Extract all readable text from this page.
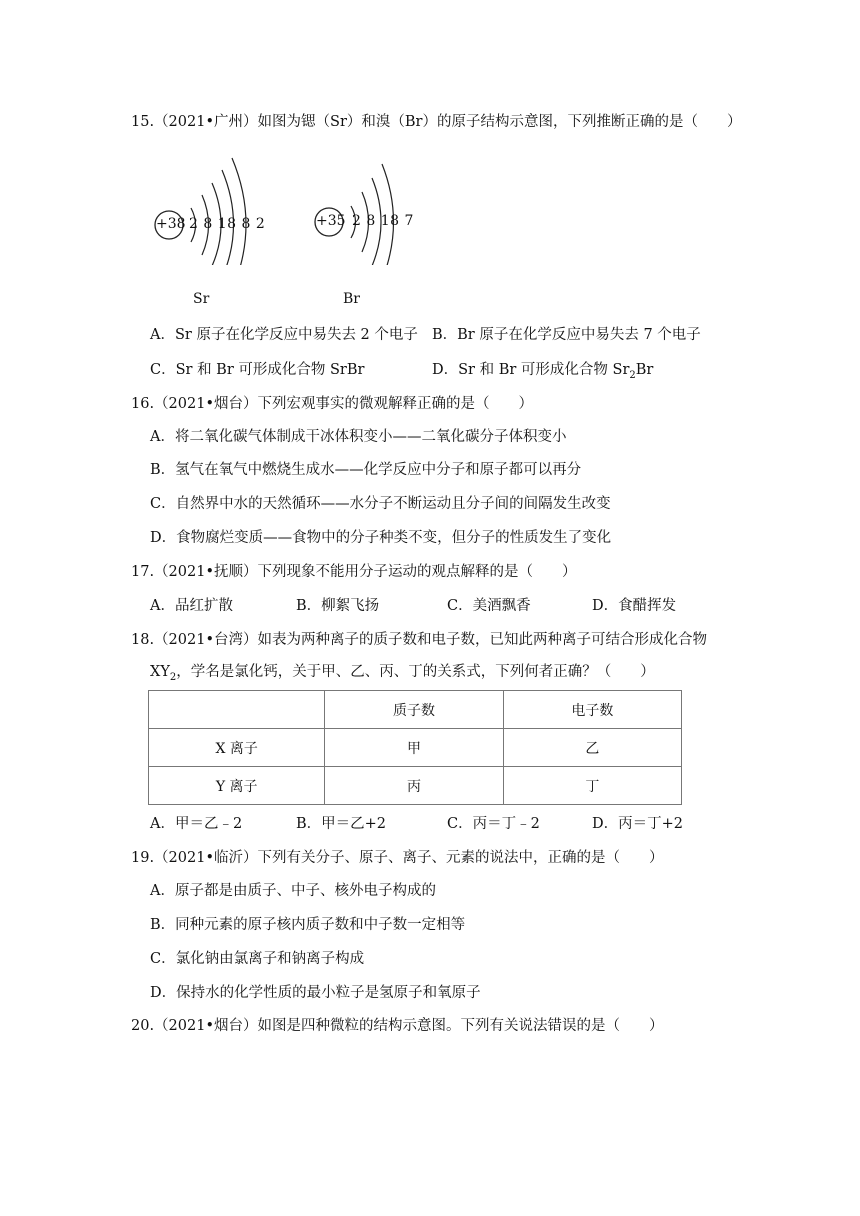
15.（2021•广州）如图为锶（Sr）和溴（Br）的原子结构示意图，下列推断正确的是（　　）
+38 2 8 18 8 2
Sr
+35 2 8 18 7
Br
A．Sr 原子在化学反应中易失去 2 个电子 B．Br 原子在化学反应中易失去 7 个电子
C．Sr 和 Br 可形成化合物 SrBr	D．Sr 和 Br 可形成化合物 $Sr_2Br$
16.（2021•烟台）下列宏观事实的微观解释正确的是（　　）
A．将二氧化碳气体制成干冰体积变小——二氧化碳分子体积变小
B．氢气在氧气中燃烧生成水——化学反应中分子和原子都可以再分
C．自然界中水的天然循环——水分子不断运动且分子间的间隔发生改变
D．食物腐烂变质——食物中的分子种类不变，但分子的性质发生了变化
17.（2021•抚顺）下列现象不能用分子运动的观点解释的是（　　）
A．品红扩散	B．柳絮飞扬	C．美酒飘香	D．食醋挥发
18.（2021•台湾）如表为两种离子的质子数和电子数，已知此两种离子可结合形成化合物
$XY_2$，学名是氯化钙，关于甲、乙、丙、丁的关系式，下列何者正确？（　　）
	质子数	电子数
X 离子	甲	乙
Y 离子	丙	丁
A．甲＝乙﹣2	B．甲＝乙+2	C．丙＝丁﹣2	D．丙＝丁+2
19.（2021•临沂）下列有关分子、原子、离子、元素的说法中，正确的是（　　）
A．原子都是由质子、中子、核外电子构成的
B．同种元素的原子核内质子数和中子数一定相等
C．氯化钠由氯离子和钠离子构成
D．保持水的化学性质的最小粒子是氢原子和氧原子
20.（2021•烟台）如图是四种微粒的结构示意图。下列有关说法错误的是（　　）
